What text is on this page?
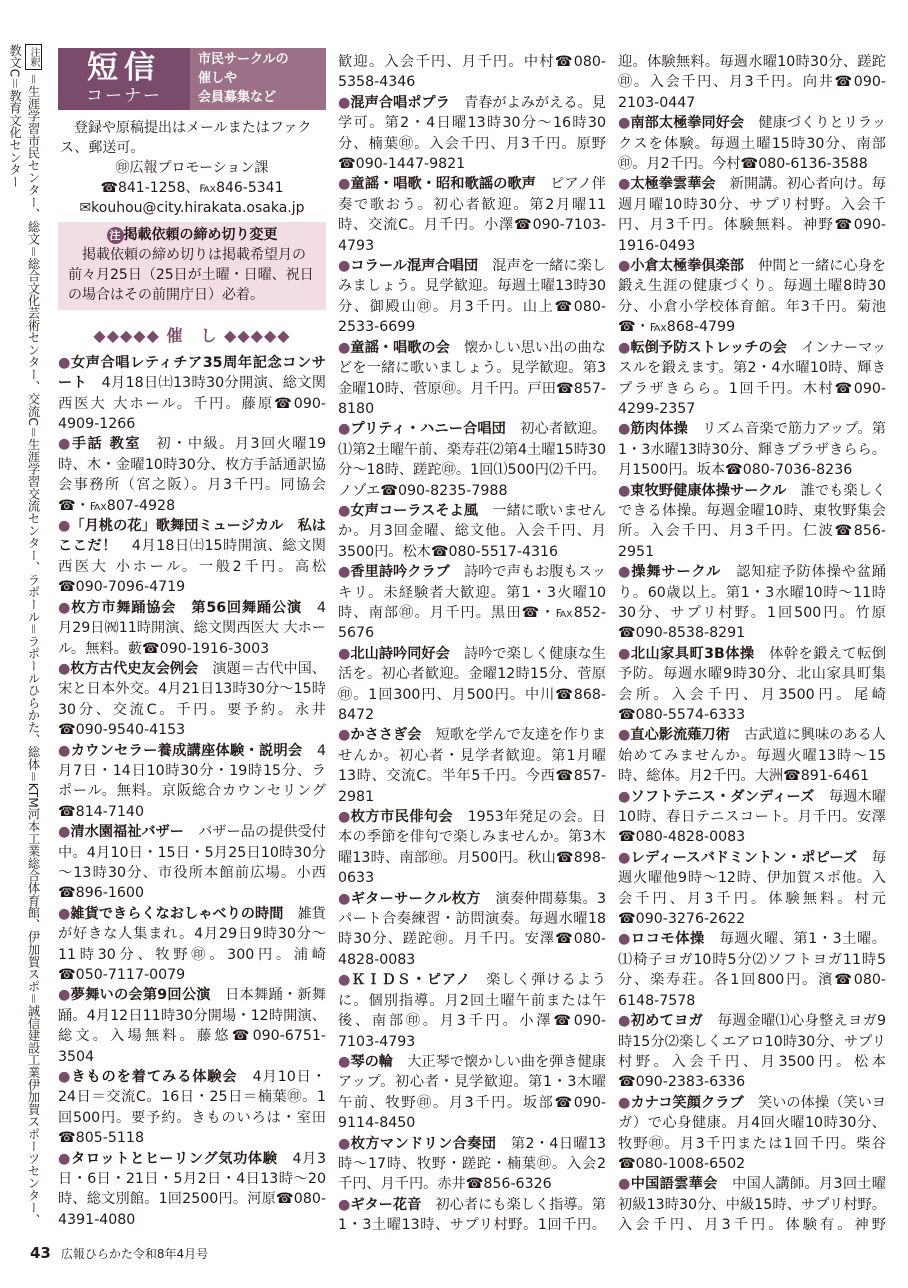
注釈＝生涯学習市民センター、総文＝総合文化芸術センター、交流C＝生涯学習交流センター、ラポール＝ラポールひらかた、総体＝KTM河本工業総合体育館、伊加賀スポ＝誠信建設工業伊加賀スポーツセンター、教文C＝教育文化センター	短信
コーナー
市民サークルの
催しや
会員募集など
登録や原稿提出はメールまたはファクス、郵送可。
㊞広報プロモーション課
☎841-1258、℻846-5341
✉kouhou@city.hirakata.osaka.jp
注 掲載依頼の締め切り変更
掲載依頼の締め切りは掲載希望月の前々月25日（25日が土曜・日曜、祝日の場合はその前開庁日）必着。
◆◆◆◆◆ 催　し ◆◆◆◆◆
●女声合唱レティチア35周年記念コンサート　4月18日㈯13時30分開演、総文関西医大 大ホール。千円。藤原☎090-4909-1266
●手話 教室　初・中級。月3回火曜19時、木・金曜10時30分、枚方手話通訳協会事務所（宮之阪）。月3千円。同協会☎・℻807-4928
●「月桃の花」歌舞団ミュージカル　私はここだ！　4月18日㈯15時開演、総文関西医大 小ホール。一般2千円。高松☎090-7096-4719
●枚方市舞踊協会　第56回舞踊公演　4月29日㈷11時開演、総文関西医大 大ホール。無料。藪☎090-1916-3003
●枚方古代史友会例会　演題＝古代中国、宋と日本外交。4月21日13時30分～15時30分、交流C。千円。要予約。永井☎090-9540-4153
●カウンセラー養成講座体験・説明会　4月7日・14日10時30分・19時15分、ラポール。無料。京阪総合カウンセリング☎814-7140
●清水園福祉バザー　バザー品の提供受付中。4月10日・15日・5月25日10時30分～13時30分、市役所本館前広場。小西☎896-1600
●雑貨できらくなおしゃべりの時間　雑貨が好きな人集まれ。4月29日9時30分～11時30分、牧野㊞。300円。浦崎☎050-7117-0079
●夢舞いの会第9回公演　日本舞踊・新舞踊。4月12日11時30分開場・12時開演、総文。入場無料。藤悠☎090-6751-3504
●きものを着てみる体験会　4月10日・24日＝交流C。16日・25日＝楠葉㊞。1回500円。要予約。きものいろは・室田☎805-5118
●タロットとヒーリング気功体験　4月3日・6日・21日・5月2日・4日13時～20時、総文別館。1回2500円。河原☎080-4391-4080
歓迎。入会千円、月千円。中村☎080-5358-4346
●混声合唱ポプラ　青春がよみがえる。見学可。第2・4日曜13時30分～16時30分、楠葉㊞。入会千円、月3千円。原野☎090-1447-9821
●童謡・唱歌・昭和歌謡の歌声　ピアノ伴奏で歌おう。初心者歓迎。第2月曜11時、交流C。月千円。小澤☎090-7103-4793
●コラール混声合唱団　混声を一緒に楽しみましょう。見学歓迎。毎週土曜13時30分、御殿山㊞。月3千円。山上☎080-2533-6699
●童謡・唱歌の会　懐かしい思い出の曲などを一緒に歌いましょう。見学歓迎。第3金曜10時、菅原㊞。月千円。戸田☎857-8180
●プリティ・ハニー合唱団　初心者歓迎。⑴第2土曜午前、楽寿荘⑵第4土曜15時30分～18時、蹉跎㊞。1回⑴500円⑵千円。ノゾエ☎090-8235-7988
●女声コーラスそよ風　一緒に歌いませんか。月3回金曜、総文他。入会千円、月3500円。松木☎080-5517-4316
●香里詩吟クラブ　詩吟で声もお腹もスッキリ。未経験者大歓迎。第1・3火曜10時、南部㊞。月千円。黒田☎・℻852-5676
●北山詩吟同好会　詩吟で楽しく健康な生活を。初心者歓迎。金曜12時15分、菅原㊞。1回300円、月500円。中川☎868-8472
●かささぎ会　短歌を学んで友達を作りませんか。初心者・見学者歓迎。第1月曜13時、交流C。半年5千円。今西☎857-2981
●枚方市民俳句会　1953年発足の会。日本の季節を俳句で楽しみませんか。第3木曜13時、南部㊞。月500円。秋山☎898-0633
●ギターサークル枚方　演奏仲間募集。3パート合奏練習・訪問演奏。毎週水曜18時30分、蹉跎㊞。月千円。安澤☎080-4828-0083
●ＫＩＤＳ・ピアノ　楽しく弾けるように。個別指導。月2回土曜午前または午後、南部㊞。月3千円。小澤☎090-7103-4793
●琴の輪　大正琴で懐かしい曲を弾き健康アップ。初心者・見学歓迎。第1・3木曜午前、牧野㊞。月3千円。坂部☎090-9114-8450
●枚方マンドリン合奏団　第2・4日曜13時～17時、牧野・蹉跎・楠葉㊞。入会2千円、月千円。赤井☎856-6326
●ギター花音　初心者にも楽しく指導。第1・3土曜13時、サプリ村野。1回千円。
迎。体験無料。毎週水曜10時30分、蹉跎㊞。入会千円、月3千円。向井☎090-2103-0447
●南部太極拳同好会　健康づくりとリラックスを体験。毎週土曜15時30分、南部㊞。月2千円。今村☎080-6136-3588
●太極拳雲華会　新開講。初心者向け。毎週月曜10時30分、サプリ村野。入会千円、月3千円。体験無料。神野☎090-1916-0493
●小倉太極拳倶楽部　仲間と一緒に心身を鍛え生涯の健康づくり。毎週土曜8時30分、小倉小学校体育館。年3千円。菊池☎・℻868-4799
●転倒予防ストレッチの会　インナーマッスルを鍛えます。第2・4水曜10時、輝きプラザきらら。1回千円。木村☎090-4299-2357
●筋肉体操　リズム音楽で筋力アップ。第1・3水曜13時30分、輝きプラザきらら。月1500円。坂本☎080-7036-8236
●東牧野健康体操サークル　誰でも楽しくできる体操。毎週金曜10時、東牧野集会所。入会千円、月3千円。仁波☎856-2951
●操舞サークル　認知症予防体操や盆踊り。60歳以上。第1・3水曜10時～11時30分、サプリ村野。1回500円。竹原☎090-8538-8291
●北山家具町3B体操　体幹を鍛えて転倒予防。毎週水曜9時30分、北山家具町集会所。入会千円、月3500円。尾崎☎080-5574-6333
●直心影流薙刀術　古武道に興味のある人始めてみませんか。毎週火曜13時～15時、総体。月2千円。大洲☎891-6461
●ソフトテニス・ダンディーズ　毎週木曜10時、春日テニスコート。月千円。安澤☎080-4828-0083
●レディースバドミントン・ポピーズ　毎週火曜他9時～12時、伊加賀スポ他。入会千円、月3千円。体験無料。村元☎090-3276-2622
●ロコモ体操　毎週火曜、第1・3土曜。⑴椅子ヨガ10時5分⑵ソフトヨガ11時5分、楽寿荘。各1回800円。濱☎080-6148-7578
●初めてヨガ　毎週金曜⑴心身整えヨガ9時15分⑵楽しくエアロ10時30分、サプリ村野。入会千円、月3500円。松本☎090-2383-6336
●カナコ笑顔クラブ　笑いの体操（笑いヨガ）で心身健康。月4回火曜10時30分、牧野㊞。月3千円または1回千円。柴谷☎080-1008-6502
●中国語雲華会　中国人講師。月3回土曜初級13時30分、中級15時、サプリ村野。入会千円、月3千円。体験有。神野
43 広報ひらかた令和8年4月号
